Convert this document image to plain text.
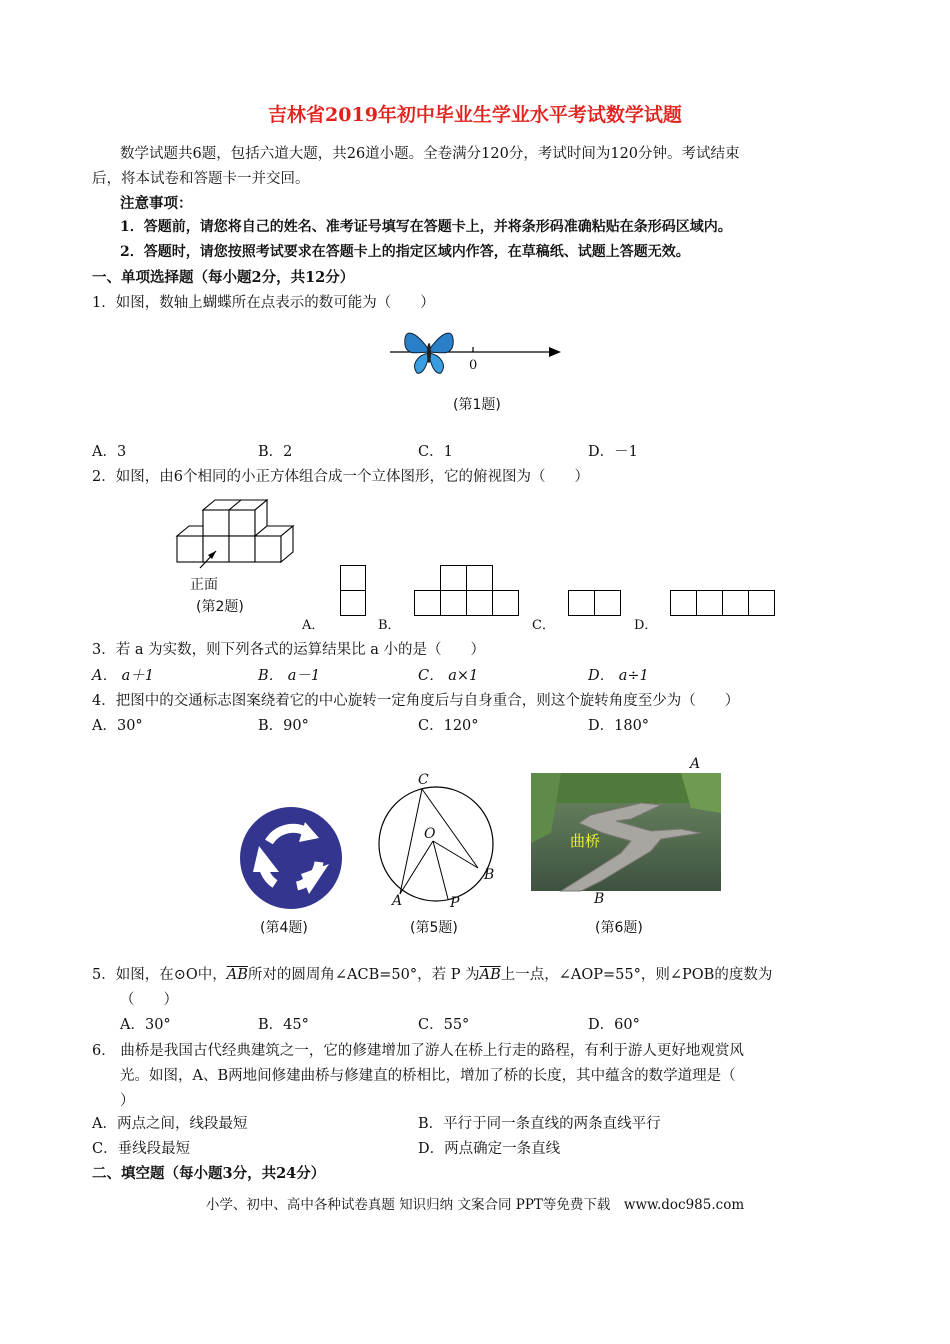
吉林省2019年初中毕业生学业水平考试数学试题
数学试题共6题，包括六道大题，共26道小题。全卷满分120分，考试时间为120分钟。考试结束
后，将本试卷和答题卡一并交回。
注意事项：
1．答题前，请您将自己的姓名、准考证号填写在答题卡上，并将条形码准确粘贴在条形码区域内。
2．答题时，请您按照考试要求在答题卡上的指定区域内作答，在草稿纸、试题上答题无效。
一、单项选择题（每小题2分，共12分）
1．如图，数轴上蝴蝶所在点表示的数可能为（　　）
0
(第1题)
A．3	B．2	C．1	D．－1
2．如图，由6个相同的小正方体组合成一个立体图形，它的俯视图为（　　）
正面
(第2题)
A．	B．	C．	D．
3．若 a 为实数，则下列各式的运算结果比 a 小的是（　　）
A． a＋1	B． a－1	C． a×1	D． a÷1
4．把图中的交通标志图案绕着它的中心旋转一定角度后与自身重合，则这个旋转角度至少为（　　）
A．30°	B．90°	C．120°	D．180°
(第4题)
C
O
A	P
B
(第5题)
曲桥
A
B
(第6题)
5．如图，在⊙O中，$\overline{AB}$所对的圆周角∠ACB=50°，若 P 为$\overline{AB}$上一点，∠AOP=55°，则∠POB的度数为
（　　）
A．30°	B．45°	C．55°	D．60°
6． 曲桥是我国古代经典建筑之一，它的修建增加了游人在桥上行走的路程，有利于游人更好地观赏风
光。如图，A、B两地间修建曲桥与修建直的桥相比，增加了桥的长度，其中蕴含的数学道理是（
）
A．两点之间，线段最短	B．平行于同一条直线的两条直线平行
C．垂线段最短	D．两点确定一条直线
二、填空题（每小题3分，共24分）
小学、初中、高中各种试卷真题 知识归纳 文案合同 PPT等免费下载　www.doc985.com
